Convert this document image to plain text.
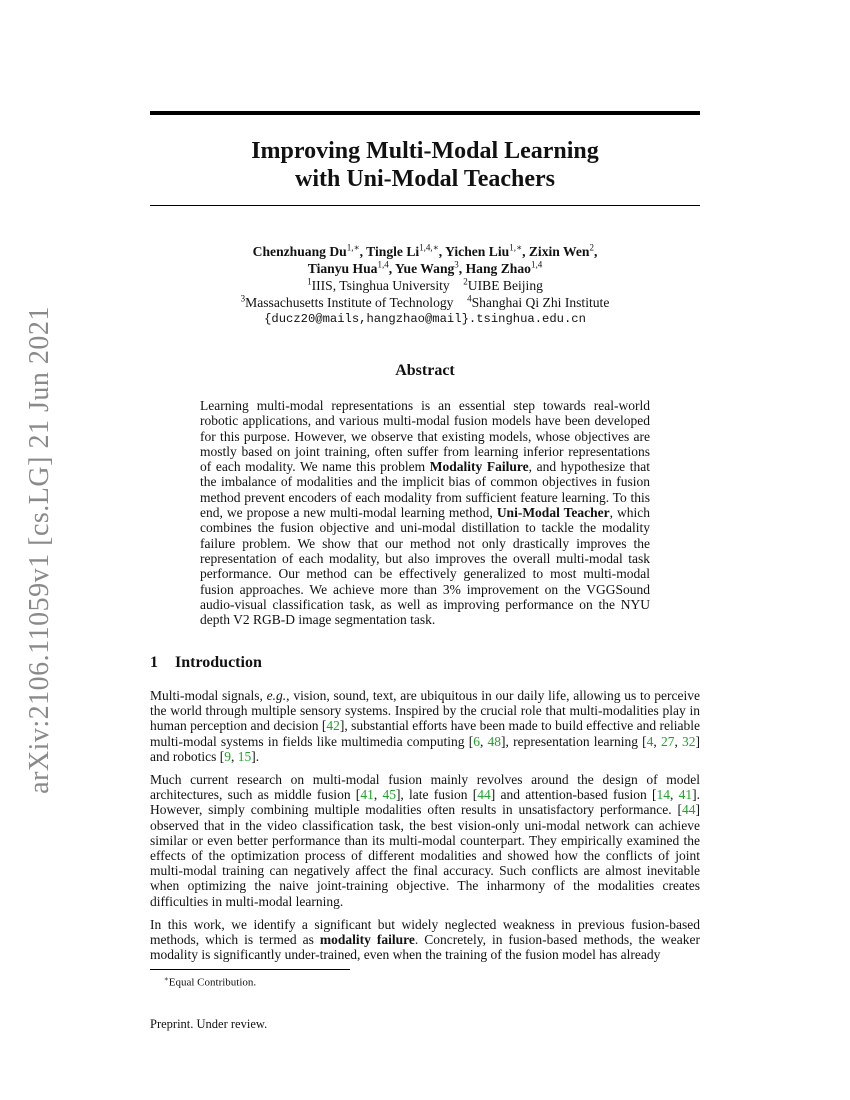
arXiv:2106.11059v1 [cs.LG] 21 Jun 2021
Improving Multi-Modal Learning
with Uni-Modal Teachers
Chenzhuang $Du^{1,∗}$, Tingle $Li^{1,4,∗}$, Yichen Liu$^{1,∗}$, Zixin Wen$^2$,
Tianyu Hua$^{1,4}$, Yue Wang$^3$, Hang Zhao$^{1,4}$
$^1$IIIS, Tsinghua University $^2$UIBE Beijing
$^3$Massachusetts Institute of Technology $^4$Shanghai Qi Zhi Institute
{ducz20@mails,hangzhao@mail}.tsinghua.edu.cn
Abstract
Learning multi-modal representations is an essential step towards real-world robotic applications, and various multi-modal fusion models have been developed for this purpose. However, we observe that existing models, whose objectives are mostly based on joint training, often suffer from learning inferior representations of each modality. We name this problem Modality Failure, and hypothesize that the imbalance of modalities and the implicit bias of common objectives in fusion method prevent encoders of each modality from sufficient feature learning. To this end, we propose a new multi-modal learning method, Uni-Modal Teacher, which combines the fusion objective and uni-modal distillation to tackle the modality failure problem. We show that our method not only drastically improves the representation of each modality, but also improves the overall multi-modal task performance. Our method can be effectively generalized to most multi-modal fusion approaches. We achieve more than 3% improvement on the VGGSound audio-visual classification task, as well as improving performance on the NYU depth V2 RGB-D image segmentation task.
1 Introduction

Multi-modal signals, e.g., vision, sound, text, are ubiquitous in our daily life, allowing us to perceive the world through multiple sensory systems. Inspired by the crucial role that multi-modalities play in human perception and decision [42], substantial efforts have been made to build effective and reliable multi-modal systems in fields like multimedia computing [6, 48], representation learning [4, 27, 32] and robotics [9, 15].

Much current research on multi-modal fusion mainly revolves around the design of model architectures, such as middle fusion [41, 45], late fusion [44] and attention-based fusion [14, 41]. However, simply combining multiple modalities often results in unsatisfactory performance. [44] observed that in the video classification task, the best vision-only uni-modal network can achieve similar or even better performance than its multi-modal counterpart. They empirically examined the effects of the optimization process of different modalities and showed how the conflicts of joint multi-modal training can negatively affect the final accuracy. Such conflicts are almost inevitable when optimizing the naive joint-training objective. The inharmony of the modalities creates difficulties in multi-modal learning.

In this work, we identify a significant but widely neglected weakness in previous fusion-based methods, which is termed as modality failure. Concretely, in fusion-based methods, the weaker modality is significantly under-trained, even when the training of the fusion model has already

∗Equal Contribution.
Preprint. Under review.
